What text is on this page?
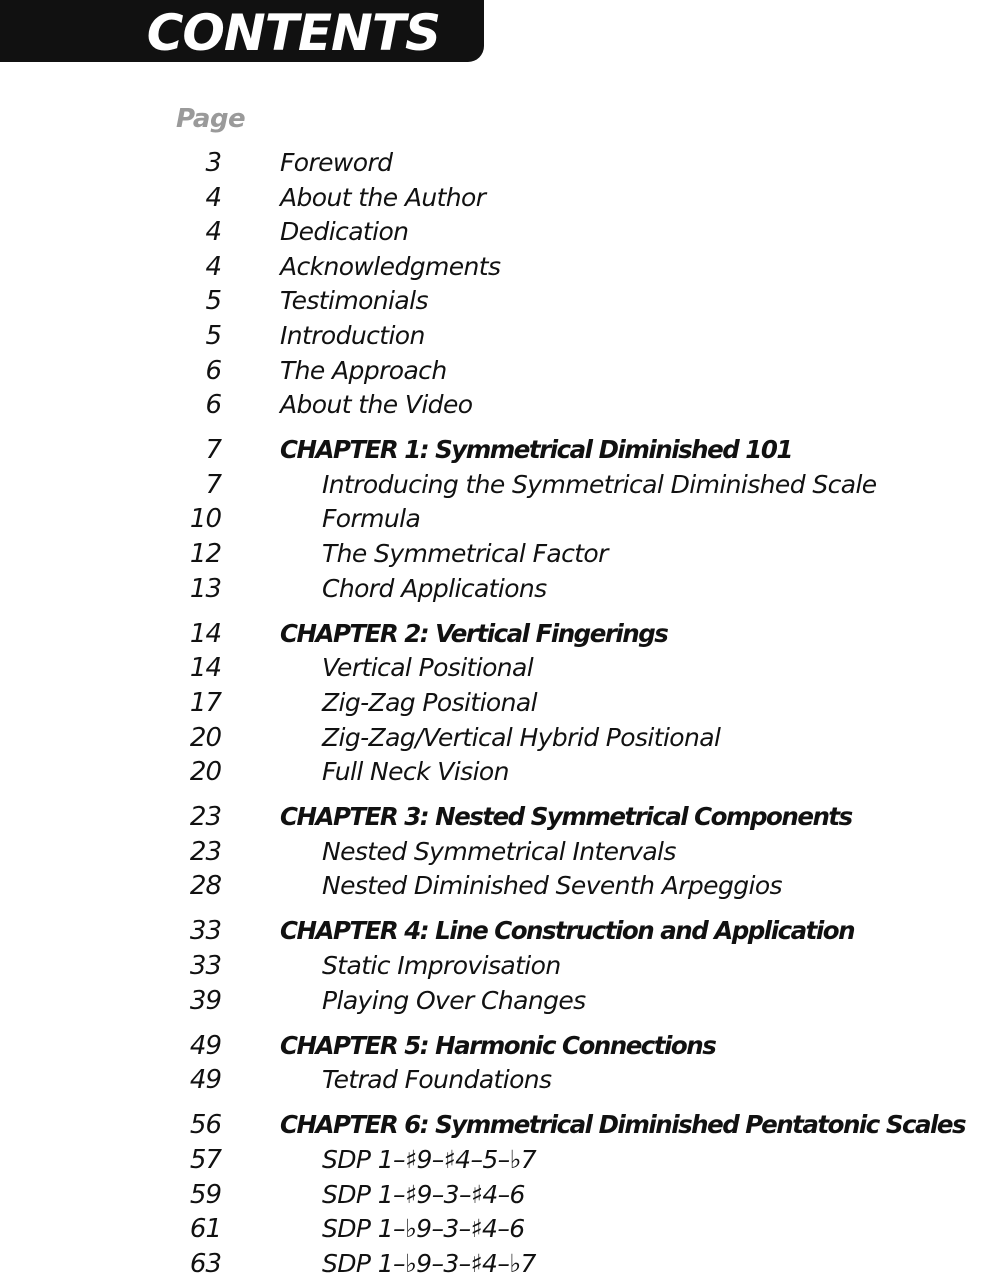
CONTENTS
Page
3 Foreword
4 About the Author
4 Dedication
4 Acknowledgments
5 Testimonials
5 Introduction
6 The Approach
6 About the Video
7 CHAPTER 1: Symmetrical Diminished 101
7	Introducing the Symmetrical Diminished Scale
10	Formula
12	The Symmetrical Factor
13	Chord Applications
14 CHAPTER 2: Vertical Fingerings
14	Vertical Positional
17	Zig-Zag Positional
20	Zig-Zag/Vertical Hybrid Positional
20	Full Neck Vision
23 CHAPTER 3: Nested Symmetrical Components
23	Nested Symmetrical Intervals
28	Nested Diminished Seventh Arpeggios
33 CHAPTER 4: Line Construction and Application
33	Static Improvisation
39	Playing Over Changes
49 CHAPTER 5: Harmonic Connections
49	Tetrad Foundations
56 CHAPTER 6: Symmetrical Diminished Pentatonic Scales
57	SDP 1–♯9–♯4–5–♭7
59	SDP 1–♯9–3–♯4–6
61	SDP 1–♭9–3–♯4–6
63	SDP 1–♭9–3–♯4–♭7
